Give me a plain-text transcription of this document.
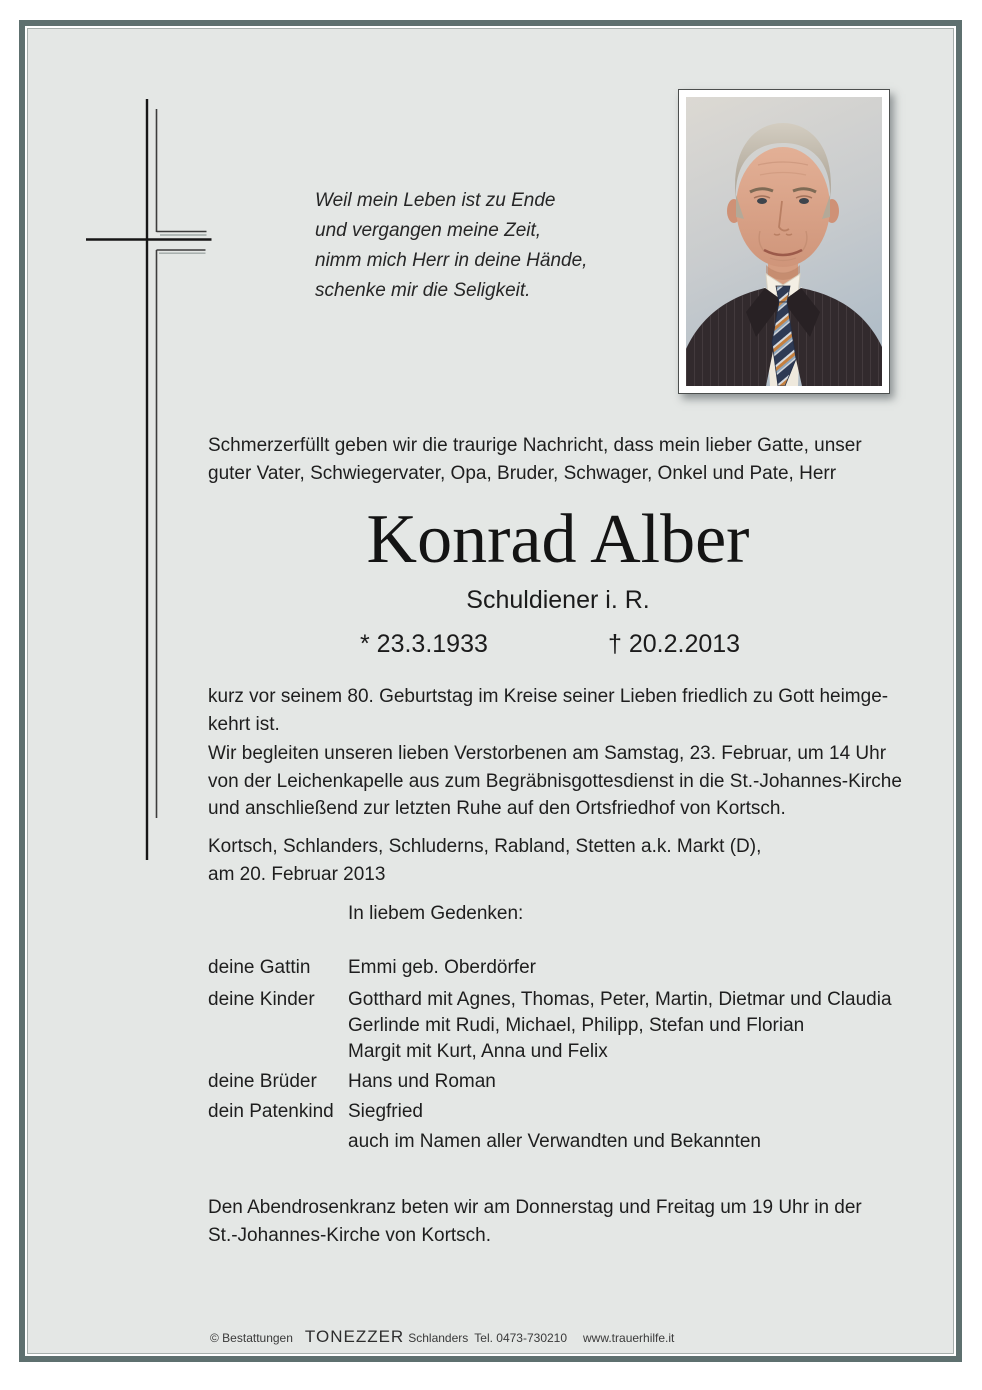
Weil mein Leben ist zu Ende
und vergangen meine Zeit,
nimm mich Herr in deine Hände,
schenke mir die Seligkeit.
Schmerzerfüllt geben wir die traurige Nachricht, dass mein lieber Gatte, unser
guter Vater, Schwiegervater, Opa, Bruder, Schwager, Onkel und Pate, Herr
Konrad Alber
Schuldiener i. R.
* 23.3.1933	† 20.2.2013
kurz vor seinem 80. Geburtstag im Kreise seiner Lieben friedlich zu Gott heimge-
kehrt ist.
Wir begleiten unseren lieben Verstorbenen am Samstag, 23. Februar, um 14 Uhr
von der Leichenkapelle aus zum Begräbnisgottesdienst in die St.-Johannes-Kirche
und anschließend zur letzten Ruhe auf den Ortsfriedhof von Kortsch.
Kortsch, Schlanders, Schluderns, Rabland, Stetten a.k. Markt (D),
am 20. Februar 2013
In liebem Gedenken:
deine Gattin Emmi geb. Oberdörfer
deine Kinder Gotthard mit Agnes, Thomas, Peter, Martin, Dietmar und Claudia
Gerlinde mit Rudi, Michael, Philipp, Stefan und Florian
Margit mit Kurt, Anna und Felix
deine Brüder Hans und Roman
dein Patenkind Siegfried
auch im Namen aller Verwandten und Bekannten
Den Abendrosenkranz beten wir am Donnerstag und Freitag um 19 Uhr in der
St.-Johannes-Kirche von Kortsch.
© Bestattungen TONEZZER Schlanders Tel. 0473-730210 www.trauerhilfe.it
